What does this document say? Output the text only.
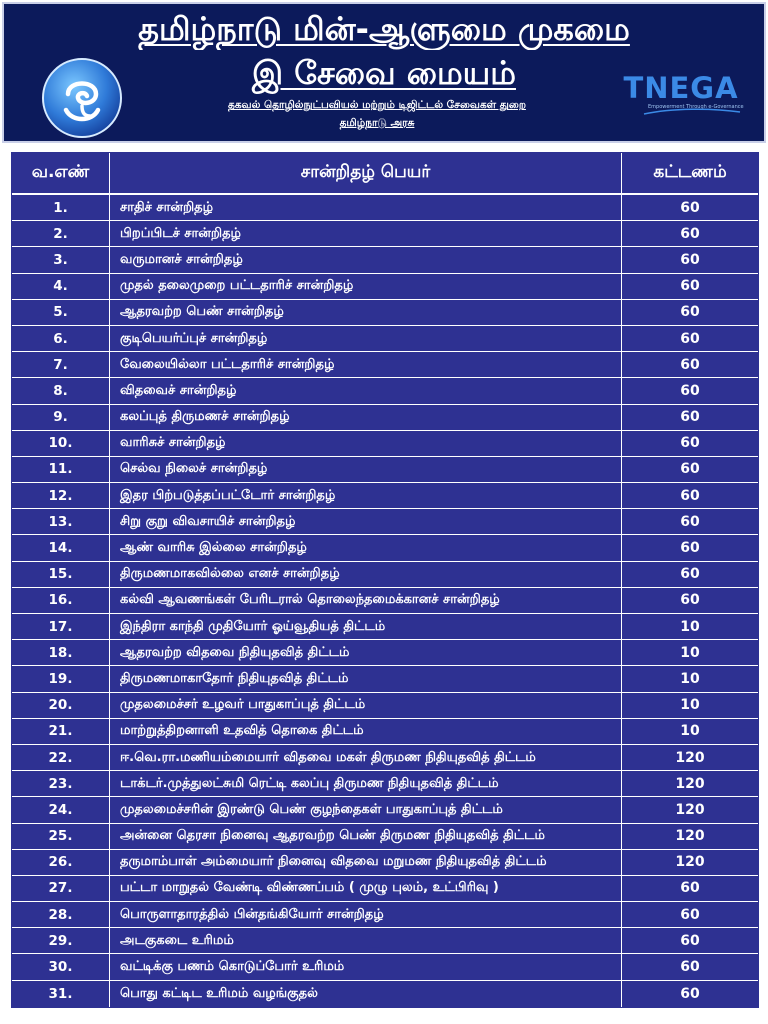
தமிழ்நாடு மின்-ஆளுமை முகமை
இ சேவை மையம்
தகவல் தொழில்நுட்பவியல் மற்றும் டிஜிட்டல் சேவைகள் துறை
தமிழ்நாடு அரசு
TNEGA
Empowerment Through e-Governance
வ.எண்	சான்றிதழ் பெயர்	கட்டணம்
1.	சாதிச் சான்றிதழ்	60
2.	பிறப்பிடச் சான்றிதழ்	60
3.	வருமானச் சான்றிதழ்	60
4.	முதல் தலைமுறை பட்டதாரிச் சான்றிதழ்	60
5.	ஆதரவற்ற பெண் சான்றிதழ்	60
6.	குடிபெயர்ப்புச் சான்றிதழ்	60
7.	வேலையில்லா பட்டதாரிச் சான்றிதழ்	60
8.	விதவைச் சான்றிதழ்	60
9.	கலப்புத் திருமணச் சான்றிதழ்	60
10.	வாரிசுச் சான்றிதழ்	60
11.	செல்வ நிலைச் சான்றிதழ்	60
12.	இதர பிற்படுத்தப்பட்டோர் சான்றிதழ்	60
13.	சிறு குறு விவசாயிச் சான்றிதழ்	60
14.	ஆண் வாரிசு இல்லை சான்றிதழ்	60
15.	திருமணமாகவில்லை எனச் சான்றிதழ்	60
16.	கல்வி ஆவணங்கள் பேரிடரால் தொலைந்தமைக்கானச் சான்றிதழ்	60
17.	இந்திரா காந்தி முதியோர் ஓய்வூதியத் திட்டம்	10
18.	ஆதரவற்ற விதவை நிதியுதவித் திட்டம்	10
19.	திருமணமாகாதோர் நிதியுதவித் திட்டம்	10
20.	முதலமைச்சர் உழவர் பாதுகாப்புத் திட்டம்	10
21.	மாற்றுத்திறனாளி உதவித் தொகை திட்டம்	10
22.	ஈ.வெ.ரா.மணியம்மையார் விதவை மகள் திருமண நிதியுதவித் திட்டம்	120
23.	டாக்டர்.முத்துலட்சுமி ரெட்டி கலப்பு திருமண நிதியுதவித் திட்டம்	120
24.	முதலமைச்சரின் இரண்டு பெண் குழந்தைகள் பாதுகாப்புத் திட்டம்	120
25.	அன்னை தெரசா நினைவு ஆதரவற்ற பெண் திருமண நிதியுதவித் திட்டம்	120
26.	தருமாம்பாள் அம்மையார் நினைவு விதவை மறுமண நிதியுதவித் திட்டம்	120
27.	பட்டா மாறுதல் வேண்டி விண்ணப்பம் ( முழு புலம், உட்பிரிவு )	60
28.	பொருளாதாரத்தில் பின்தங்கியோர் சான்றிதழ்	60
29.	அடகுகடை உரிமம்	60
30.	வட்டிக்கு பணம் கொடுப்போர் உரிமம்	60
31.	பொது கட்டிட உரிமம் வழங்குதல்	60
